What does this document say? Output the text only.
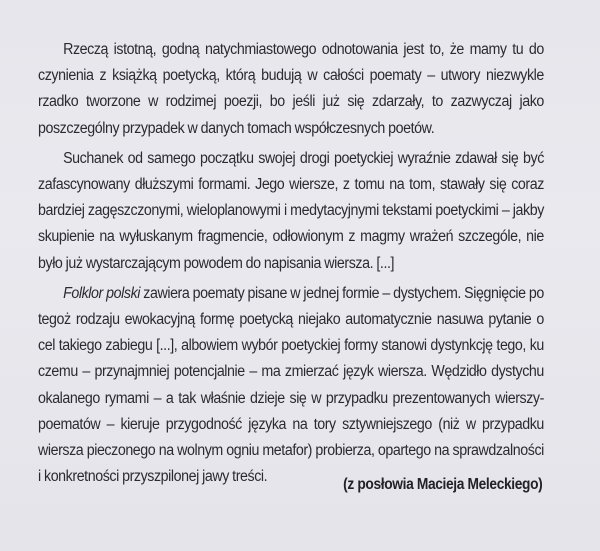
Rzeczą istotną, godną natychmiastowego odnotowania jest to, że mamy tu do czynienia z książką poetycką, którą budują w całości poematy – utwory niezwykle rzadko tworzone w rodzimej poezji, bo jeśli już się zdarzały, to zazwyczaj jako poszczególny przypadek w danych tomach współczesnych poetów.

Suchanek od samego początku swojej drogi poetyckiej wyraźnie zdawał się być zafascynowany dłuższymi formami. Jego wiersze, z tomu na tom, stawały się coraz bardziej zagęszczonymi, wieloplanowymi i medytacyjnymi tekstami poetyckimi – jakby skupienie na wyłuskanym fragmencie, odłowionym z magmy wrażeń szczególe, nie było już wystarczającym powodem do napisania wiersza. [...]

Folklor polski zawiera poematy pisane w jednej formie – dystychem. Sięgnięcie po tegoż rodzaju ewokacyjną formę poetycką niejako automatycznie nasuwa pytanie o cel takiego zabiegu [...], albowiem wybór poetyckiej formy stanowi dystynkcję tego, ku czemu – przynajmniej potencjalnie – ma zmierzać język wiersza. Wędzidło dystychu okalanego rymami – a tak właśnie dzieje się w przypadku prezentowanych wierszy-poematów – kieruje przygodność języka na tory sztywniejszego (niż w przypadku wiersza pieczonego na wolnym ogniu metafor) probierza, opartego na sprawdzalności i konkretności przyszpilonej jawy treści.	(z posłowia Macieja Meleckiego)
